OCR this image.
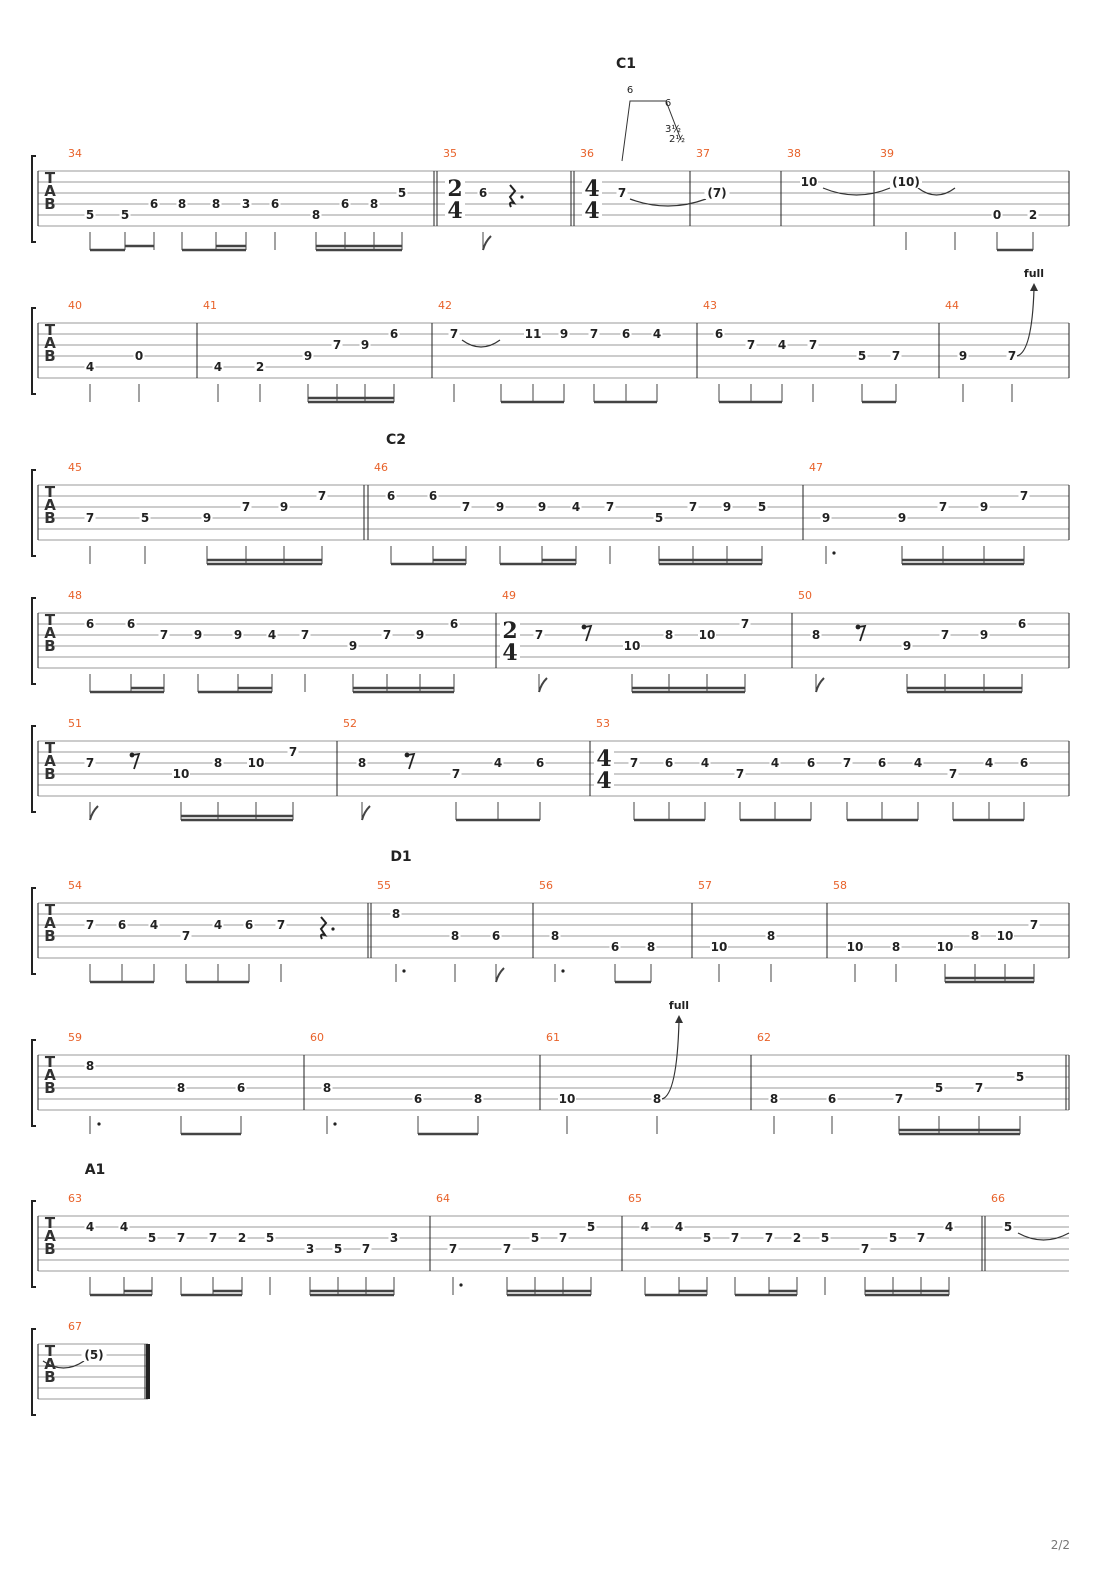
T
A
B
34
5 5
6 8 8 3 6
8
6 8
5
35
2
4
6
36
4
4
C1
7
6
6
3½
2½
37
(7)
38
10
39
(10)
0 2
T
A
B
40
4
0
41
4	2
9
7 9
6
42
7	11 9 7 6 4
43
6
7 4 7
5 7
44
9	7
full
T
A
B
45
7	5	9
7 9
7
46
C2
6	6
7 9	9 4 7
5
7 9 5
47
9	9
7	9
7
T
A
B
48
6	6
7 9	9 4 7
9
7 9
6
49
2
4
7
10
8 10
7
50
8
9
7	9
6
T
A
B
51
7
10
8 10
7
52
8
7
4	6
53
4
4
7 6 4
7
4 6 7 6 4
7
4 6
T
A
B
54
7 6 4
7
4 6 7
55
D1
8
8	6
56
8
6 8
57
10
8
58
10 8	10
8 10
7
T
A
B
59
8
8	6
60
8
6	8
61
10	8
full
62
8	6	7
5	7
5
T
A
B
63
A1
4 4
5 7 7 2 5
3 5 7
3
64
7	7
5 7
5
65
4 4
5 7 7 2 5
7
5 7
4
66
5
T
A
B
67
(5)
2/2
